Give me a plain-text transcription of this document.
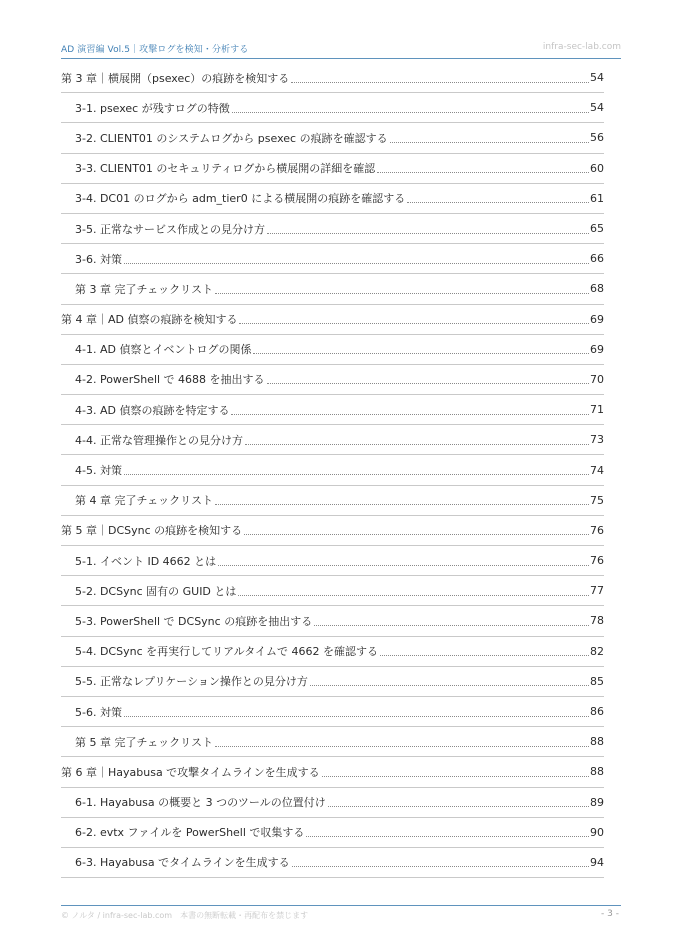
AD 演習編 Vol.5｜攻撃ログを検知・分析する	infra-sec-lab.com
第 3 章｜横展開（psexec）の痕跡を検知する	54
3-1. psexec が残すログの特徴	54
3-2. CLIENT01 のシステムログから psexec の痕跡を確認する	56
3-3. CLIENT01 のセキュリティログから横展開の詳細を確認	60
3-4. DC01 のログから adm_tier0 による横展開の痕跡を確認する	61
3-5. 正常なサービス作成との見分け方	65
3-6. 対策	66
第 3 章 完了チェックリスト	68
第 4 章｜AD 偵察の痕跡を検知する	69
4-1. AD 偵察とイベントログの関係	69
4-2. PowerShell で 4688 を抽出する	70
4-3. AD 偵察の痕跡を特定する	71
4-4. 正常な管理操作との見分け方	73
4-5. 対策	74
第 4 章 完了チェックリスト	75
第 5 章｜DCSync の痕跡を検知する	76
5-1. イベント ID 4662 とは	76
5-2. DCSync 固有の GUID とは	77
5-3. PowerShell で DCSync の痕跡を抽出する	78
5-4. DCSync を再実行してリアルタイムで 4662 を確認する	82
5-5. 正常なレプリケーション操作との見分け方	85
5-6. 対策	86
第 5 章 完了チェックリスト	88
第 6 章｜Hayabusa で攻撃タイムラインを生成する	88
6-1. Hayabusa の概要と 3 つのツールの位置付け	89
6-2. evtx ファイルを PowerShell で収集する	90
6-3. Hayabusa でタイムラインを生成する	94
© ノルタ / infra-sec-lab.com　本書の無断転載・再配布を禁じます	- 3 -
